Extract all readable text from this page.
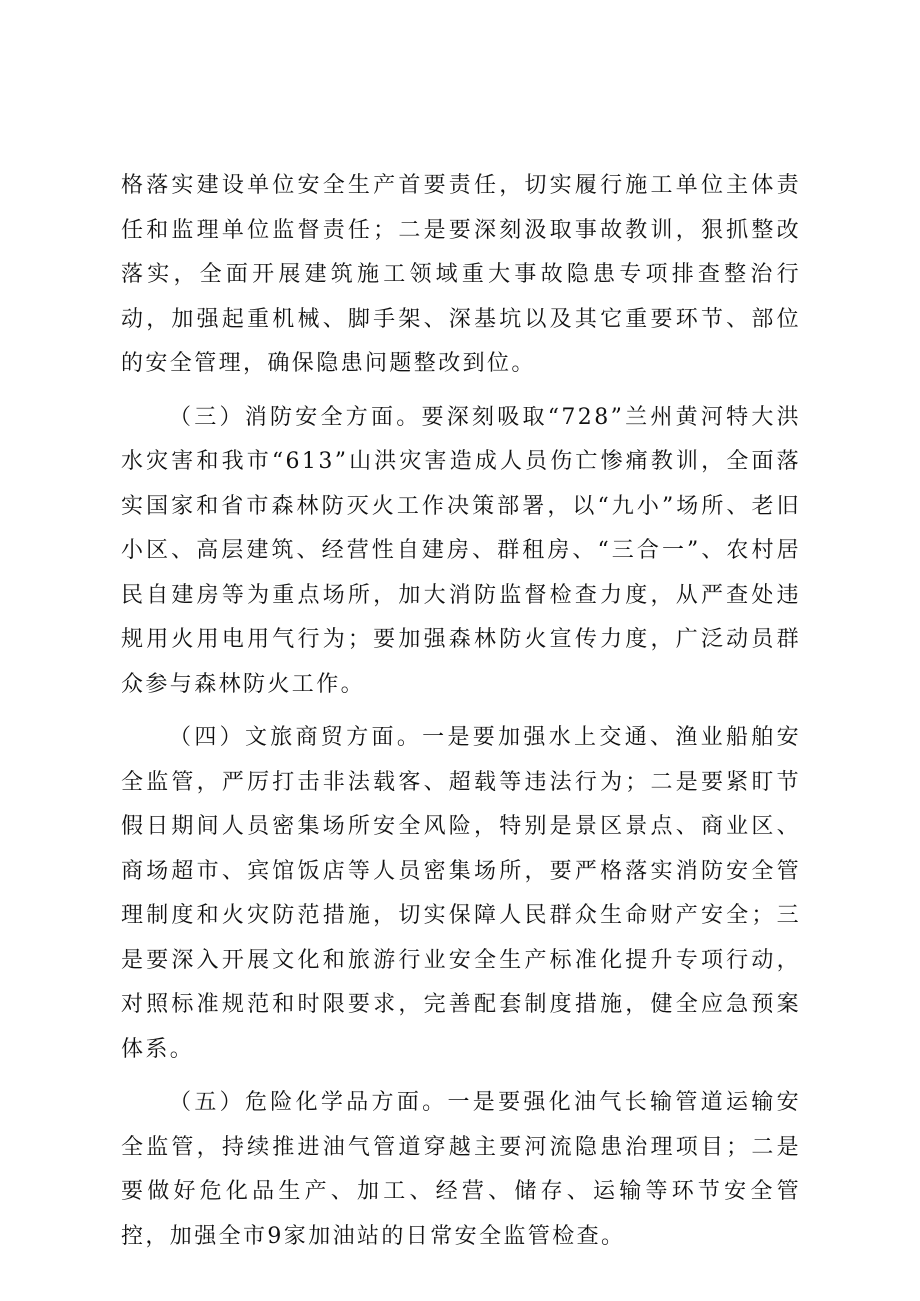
格落实建设单位安全生产首要责任，切实履行施工单位主体责任和监理单位监督责任；二是要深刻汲取事故教训，狠抓整改落实，全面开展建筑施工领域重大事故隐患专项排查整治行动，加强起重机械、脚手架、深基坑以及其它重要环节、部位的安全管理，确保隐患问题整改到位。

（三）消防安全方面。要深刻吸取“728”兰州黄河特大洪水灾害和我市“613”山洪灾害造成人员伤亡惨痛教训，全面落实国家和省市森林防灭火工作决策部署，以“九小”场所、老旧小区、高层建筑、经营性自建房、群租房、“三合一”、农村居民自建房等为重点场所，加大消防监督检查力度，从严查处违规用火用电用气行为；要加强森林防火宣传力度，广泛动员群众参与森林防火工作。

（四）文旅商贸方面。一是要加强水上交通、渔业船舶安全监管，严厉打击非法载客、超载等违法行为；二是要紧盯节假日期间人员密集场所安全风险，特别是景区景点、商业区、商场超市、宾馆饭店等人员密集场所，要严格落实消防安全管理制度和火灾防范措施，切实保障人民群众生命财产安全；三是要深入开展文化和旅游行业安全生产标准化提升专项行动，对照标准规范和时限要求，完善配套制度措施，健全应急预案体系。

（五）危险化学品方面。一是要强化油气长输管道运输安全监管，持续推进油气管道穿越主要河流隐患治理项目；二是要做好危化品生产、加工、经营、储存、运输等环节安全管控，加强全市9家加油站的日常安全监管检查。
